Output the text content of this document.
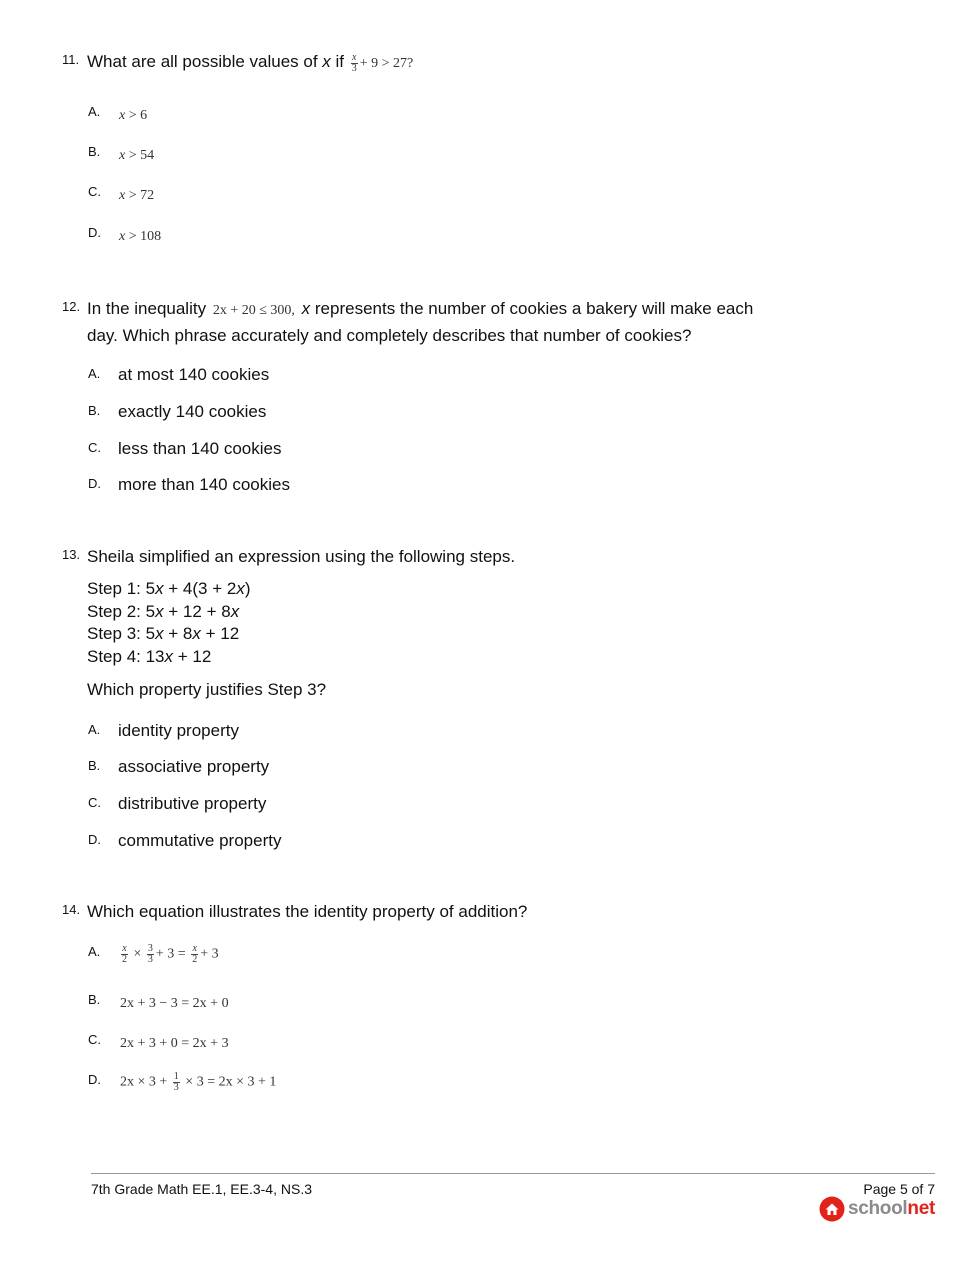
11. What are all possible values of x if $\frac{x}{3} + 9 > 27$?
A. x > 6
B. x > 54
C. x > 72
D. x > 108
12. In the inequality 2x + 20 ≤ 300, x represents the number of cookies a bakery will make each
day. Which phrase accurately and completely describes that number of cookies?
A. at most 140 cookies
B. exactly 140 cookies
C. less than 140 cookies
D. more than 140 cookies
13. Sheila simplified an expression using the following steps.
Step 1: 5x + 4(3 + 2x)
Step 2: 5x + 12 + 8x
Step 3: 5x + 8x + 12
Step 4: 13x + 12
Which property justifies Step 3?
A. identity property
B. associative property
C. distributive property
D. commutative property
14. Which equation illustrates the identity property of addition?
A. $\frac{x}{2} \times \frac{3}{3} + 3 = \frac{x}{2} + 3$
B. 2x + 3 − 3 = 2x + 0
C. 2x + 3 + 0 = 2x + 3
D. $2x \times 3 + \frac{1}{3} \times 3 = 2x \times 3 + 1$
7th Grade Math EE.1, EE.3-4, NS.3	Page 5 of 7
schoolnet
